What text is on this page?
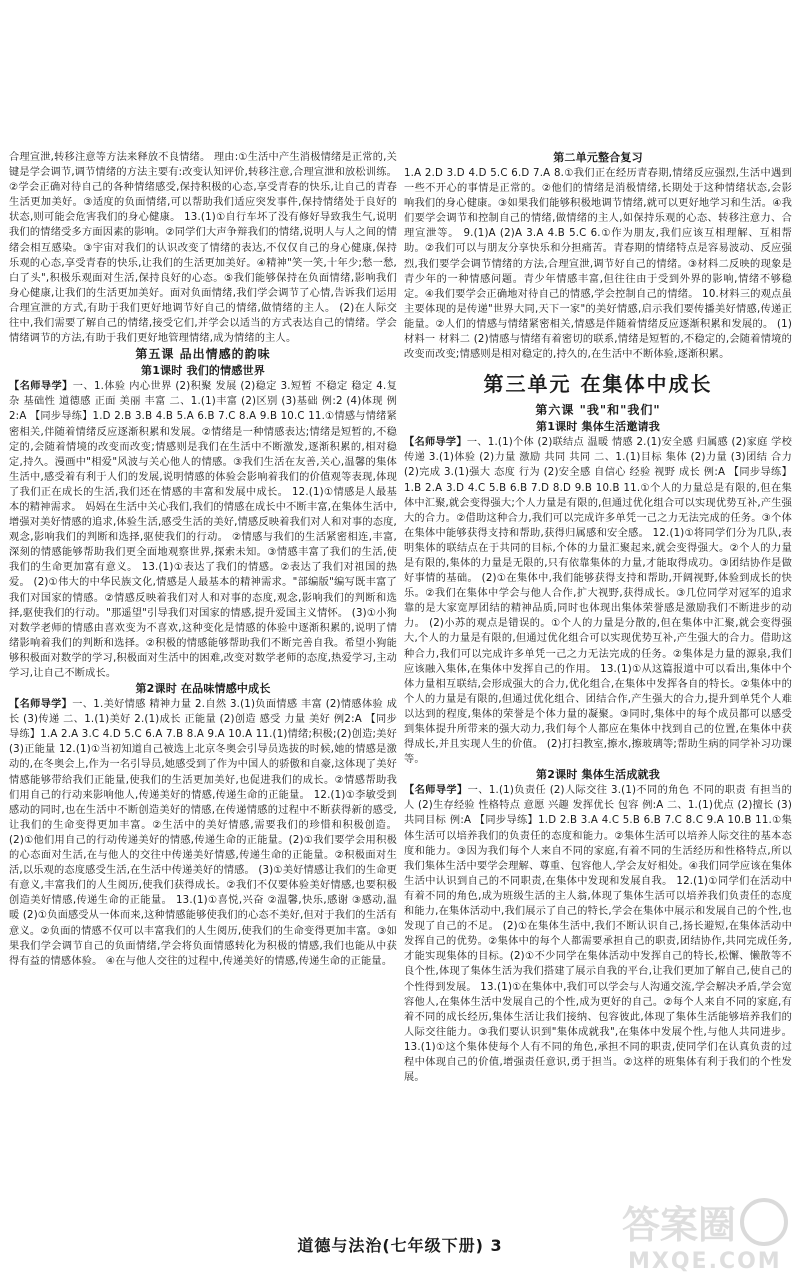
合理宣泄,转移注意等方法来释放不良情绪。 理由:①生活中产生消极情绪是正常的,关键是学会调节,调节情绪的方法主要有:改变认知评价,转移注意,合理宣泄和放松训练。②学会正确对待自己的各种情绪感受,保持积极的心态,享受青春的快乐,让自己的青春生活更加美好。③适度的负面情绪,可以帮助我们适应突发事件,保持情绪处于良好的状态,则可能会危害我们的身心健康。 13.(1)①自行车坏了没有修好导致我生气,说明我们的情绪受多方面因素的影响。②同学们大声争辩我们的情绪,说明人与人之间的情绪会相互感染。③宇宙对我们的认识改变了情绪的表达,不仅仅自己的身心健康,保持乐观的心态,享受青春的快乐,让我们的生活更加美好。④精神"笑一笑,十年少;愁一愁,白了头",积极乐观面对生活,保持良好的心态。⑤我们能够保持在负面情绪,影响我们身心健康,让我们的生活更加美好。面对负面情绪,我们学会调节了心情,告诉我们运用合理宣泄的方式,有助于我们更好地调节好自己的情绪,做情绪的主人。 (2)在人际交往中,我们需要了解自己的情绪,接受它们,并学会以适当的方式表达自己的情绪。学会情绪调节的方法,有助于我们更好地管理情绪,成为情绪的主人。

第五课 品出情感的韵味

第1课时 我们的情感世界

【名师导学】一、1.体验 内心世界 (2)积聚 发展 (2)稳定 3.短暂 不稳定 稳定 4.复杂 基础性 道德感 正面 美丽 丰富 二、1.(1)丰富 (2)区别 (3)基础 例:2 (4)体现 例2:A 【同步导练】1.D 2.B 3.B 4.B 5.A 6.B 7.C 8.A 9.B 10.C 11.①情感与情绪紧密相关,伴随着情绪反应逐渐积累和发展。②情绪是一种情感表达;情绪是短暂的,不稳定的,会随着情境的改变而改变;情感则是我们在生活中不断激发,逐渐积累的,相对稳定,持久。漫画中"相爱"风波与关心他人的情感。③我们生活在友善,关心,温馨的集体生活中,感受着有利于人们的发展,说明情感的体验会影响着我们的价值观等表现,体现了我们正在成长的生活,我们还在情感的丰富和发展中成长。 12.(1)①情感是人最基本的精神需求。 妈妈在生活中关心我们,我们的情感在成长中不断丰富,在集体生活中,增强对美好情感的追求,体验生活,感受生活的美好,情感反映着我们对人和对事的态度,观念,影响我们的判断和选择,驱使我们的行动。 ②情感与我们的生活紧密相连,丰富,深刻的情感能够帮助我们更全面地观察世界,探索未知。③情感丰富了我们的生活,使我们的生命更加富有意义。 13.(1)①表达了我们的情感。②表达了我们对祖国的热爱。 (2)①伟大的中华民族文化,情感是人最基本的精神需求。"部编版"编写既丰富了我们对国家的情感。②情感反映着我们对人和对事的态度,观念,影响我们的判断和选择,驱使我们的行动。"那遥望"引导我们对国家的情感,提升爱国主义情怀。 (3)①小狗对数学老师的情感由喜欢变为不喜欢,这种变化是情感的体验中逐渐积累的,说明了情绪影响着我们的判断和选择。②积极的情感能够帮助我们不断完善自我。希望小狗能够积极面对数学的学习,积极面对生活中的困难,改变对数学老师的态度,热爱学习,主动学习,让自己不断成长。

第2课时 在品味情感中成长

【名师导学】一、1.美好情感 精神力量 2.自然 3.(1)负面情感 丰富 (2)情感体验 成长 (3)传递 二、1.(1)美好 2.(1)成长 正能量 (2)创造 感受 力量 美好 例2:A 【同步导练】1.A 2.A 3.C 4.D 5.C 6.A 7.B 8.A 9.A 10.A 11.(1)情绪;积极;(2)创造;美好 (3)正能量 12.(1)①当初知道自己被选上北京冬奥会引导员选拔的时候,她的情感是激动的,在冬奥会上,作为一名引导员,她感受到了作为中国人的骄傲和自豪,这体现了美好情感能够带给我们正能量,使我们的生活更加美好,也促进我们的成长。②情感帮助我们用自己的行动来影响他人,传递美好的情感,传递生命的正能量。 12.(1)①李敏受到感动的同时,也在生活中不断创造美好的情感,在传递情感的过程中不断获得新的感受,让我们的生命变得更加丰富。②生活中的美好情感,需要我们的珍惜和积极创造。 (2)①他们用自己的行动传递美好的情感,传递生命的正能量。(2)①我们要学会用积极的心态面对生活,在与他人的交往中传递美好情感,传递生命的正能量。②积极面对生活,以乐观的态度感受生活,在生活中传递美好的情感。 (3)①美好情感让我们的生命更有意义,丰富我们的人生阅历,使我们获得成长。②我们不仅要体验美好情感,也要积极创造美好情感,传递生命的正能量。 13.(1)①喜悦,兴奋 ②温馨,快乐,感谢 ③感动,温暖 (2)①负面感受从一体而来,这种情感能够使我们的心态不美好,但对于我们的生活有意义。②负面的情感不仅可以丰富我们的人生阅历,使我们的生命变得更加丰富。③如果我们学会调节自己的负面情绪,学会将负面情感转化为积极的情感,我们也能从中获得有益的情感体验。 ④在与他人交往的过程中,传递美好的情感,传递生命的正能量。

第二单元整合复习

1.A 2.D 3.D 4.D 5.C 6.D 7.A 8.①我们正在经历青春期,情绪反应强烈,生活中遇到一些不开心的事情是正常的。②他们的情绪是消极情绪,长期处于这种情绪状态,会影响我们的身心健康。③如果我们能够积极地调节情绪,就可以更好地学习和生活。④我们要学会调节和控制自己的情绪,做情绪的主人,如保持乐观的心态、转移注意力、合理宣泄等。 9.(1)A (2)A 3.A 4.B 5.C 6.①作为朋友,我们应该互相理解、互相帮助。②我们可以与朋友分享快乐和分担痛苦。青春期的情绪特点是容易波动、反应强烈,我们要学会调节情绪的方法,合理宣泄,调节好自己的情绪。③材料二反映的现象是青少年的一种情感问题。青少年情感丰富,但往往由于受到外界的影响,情绪不够稳定。④我们要学会正确地对待自己的情感,学会控制自己的情绪。 10.材料三的观点虽主要体现的是传递"世界大同,天下一家"的美好情感,启示我们要传播美好情感,传递正能量。②人们的情感与情绪紧密相关,情感是伴随着情绪反应逐渐积累和发展的。 (1)材料一 材料二 (2)情感与情绪有着密切的联系,情绪是短暂的,不稳定的,会随着情境的改变而改变;情感则是相对稳定的,持久的,在生活中不断体验,逐渐积累。

第三单元 在集体中成长

第六课 "我"和"我们"

第1课时 集体生活邀请我

【名师导学】一、1.(1)个体 (2)联结点 温暖 情感 2.(1)安全感 归属感 (2)家庭 学校 传递 3.(1)体验 (2)力量 激励 共同 共同 二、1.(1)目标 集体 (2)力量 (3)团结 合力 (2)完成 3.(1)强大 态度 行为 (2)安全感 自信心 经验 视野 成长 例:A 【同步导练】1.B 2.A 3.D 4.C 5.B 6.B 7.D 8.D 9.B 10.B 11.①个人的力量总是有限的,但在集体中汇聚,就会变得强大;个人力量是有限的,但通过优化组合可以实现优势互补,产生强大的合力。②借助这种合力,我们可以完成许多单凭一己之力无法完成的任务。③个体在集体中能够获得支持和帮助,获得归属感和安全感。 12.(1)①将同学们分为几队,表明集体的联结点在于共同的目标,个体的力量汇聚起来,就会变得强大。②个人的力量是有限的,集体的力量是无限的,只有依靠集体的力量,才能取得成功。③团结协作是做好事情的基础。 (2)①在集体中,我们能够获得支持和帮助,开阔视野,体验到成长的快乐。②我们在集体中学会与他人合作,扩大视野,获得成长。③几位同学对冠军的追求靠的是大家宽厚团结的精神品质,同时也体现出集体荣誉感是激励我们不断进步的动力。 (2)小苏的观点是错误的。①个人的力量是分散的,但在集体中汇聚,就会变得强大,个人的力量是有限的,但通过优化组合可以实现优势互补,产生强大的合力。借助这种合力,我们可以完成许多单凭一己之力无法完成的任务。②集体是力量的源泉,我们应该融入集体,在集体中发挥自己的作用。 13.(1)①从这篇报道中可以看出,集体中个体力量相互联结,会形成强大的合力,优化组合,在集体中发挥各自的特长。②集体中的个人的力量是有限的,但通过优化组合、团结合作,产生强大的合力,提升到单凭个人难以达到的程度,集体的荣誉是个体力量的凝聚。③同时,集体中的每个成员都可以感受到集体提升所带来的强大动力,我们每个人都应在集体中找到自己的位置,在集体中获得成长,并且实现人生的价值。 (2)打扫教室,擦水,擦玻璃等;帮助生病的同学补习功课等。

第2课时 集体生活成就我

【名师导学】一、1.(1)负责任 (2)人际交往 3.(1)不同的角色 不同的职责 有担当的人 (2)生存经验 性格特点 意愿 兴趣 发挥优长 包容 例:A 二、1.(1)优点 (2)擅长 (3)共同目标 例:A 【同步导练】1.D 2.B 3.A 4.C 5.B 6.B 7.C 8.C 9.A 10.B 11.①集体生活可以培养我们的负责任的态度和能力。②集体生活可以培养人际交往的基本态度和能力。③因为我们每个人来自不同的家庭,有着不同的生活经历和性格特点,所以我们集体生活中要学会理解、尊重、包容他人,学会友好相处。④我们同学应该在集体生活中认识到自己的不同职责,在集体中发现和发展自我。 12.(1)①同学们在活动中有着不同的角色,成为班级生活的主人翁,体现了集体生活可以培养我们负责任的态度和能力,在集体活动中,我们展示了自己的特长,学会在集体中展示和发展自己的个性,也发现了自己的不足。 (2)①在集体生活中,我们不断认识自己,扬长避短,在集体活动中发挥自己的优势。②集体中的每个人都需要承担自己的职责,团结协作,共同完成任务,才能实现集体的目标。(2)①不少同学在集体活动中发挥自己的特长,松懈、懒散等不良个性,体现了集体生活为我们搭建了展示自我的平台,让我们更加了解自己,使自己的个性得到发展。 13.(1)①在集体中,我们可以学会与人沟通交流,学会解决矛盾,学会宽容他人,在集体生活中发展自己的个性,成为更好的自己。②每个人来自不同的家庭,有着不同的成长经历,集体生活让我们接纳、包容彼此,体现了集体生活能够培养我们的人际交往能力。③我们要认识到"集体成就我",在集体中发展个性,与他人共同进步。 13.(1)①这个集体使每个人有不同的角色,承担不同的职责,使同学们在认真负责的过程中体现自己的价值,增强责任意识,勇于担当。②这样的班集体有利于我们的个性发展。

道德与法治(七年级下册) 3	答案圈
MXQE.COM
